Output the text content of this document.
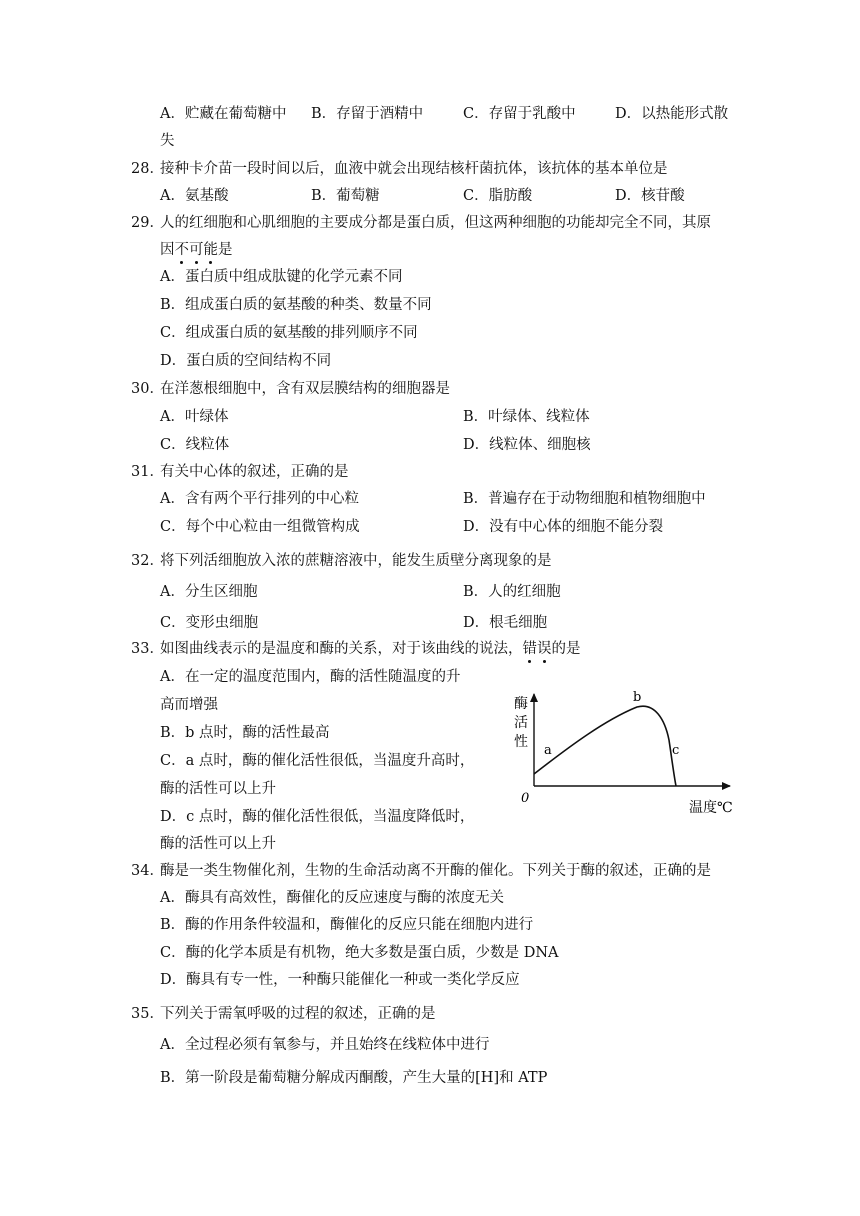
A．贮藏在葡萄糖中 B．存留于酒精中	C．存留于乳酸中	D．以热能形式散
失
28．
接种卡介苗一段时间以后，血液中就会出现结核杆菌抗体，该抗体的基本单位是
A．氨基酸	B．葡萄糖	C．脂肪酸	D．核苷酸
29．
人的红细胞和心肌细胞的主要成分都是蛋白质，但这两种细胞的功能却完全不同，其原
因不可能是
A．蛋白质中组成肽键的化学元素不同
B．组成蛋白质的氨基酸的种类、数量不同
C．组成蛋白质的氨基酸的排列顺序不同
D．蛋白质的空间结构不同
30．
在洋葱根细胞中，含有双层膜结构的细胞器是
A．叶绿体	B．叶绿体、线粒体
C．线粒体	D．线粒体、细胞核
31．
有关中心体的叙述，正确的是
A．含有两个平行排列的中心粒	B．普遍存在于动物细胞和植物细胞中
C．每个中心粒由一组微管构成	D．没有中心体的细胞不能分裂
32．
将下列活细胞放入浓的蔗糖溶液中，能发生质壁分离现象的是
A．分生区细胞	B．人的红细胞
C．变形虫细胞	D．根毛细胞
33．
如图曲线表示的是温度和酶的关系，对于该曲线的说法，错误的是
A．在一定的温度范围内，酶的活性随温度的升
高而增强
B．b 点时，酶的活性最高
C．a 点时，酶的催化活性很低，当温度升高时，
酶的活性可以上升
D．c 点时，酶的催化活性很低，当温度降低时，
酶的活性可以上升
酶
活
性
0
温度℃
a
b
c
34．
酶是一类生物催化剂，生物的生命活动离不开酶的催化。下列关于酶的叙述，正确的是
A．酶具有高效性，酶催化的反应速度与酶的浓度无关
B．酶的作用条件较温和，酶催化的反应只能在细胞内进行
C．酶的化学本质是有机物，绝大多数是蛋白质，少数是 DNA
D．酶具有专一性，一种酶只能催化一种或一类化学反应
35．
下列关于需氧呼吸的过程的叙述，正确的是
A．全过程必须有氧参与，并且始终在线粒体中进行
B．第一阶段是葡萄糖分解成丙酮酸，产生大量的[H]和 ATP
